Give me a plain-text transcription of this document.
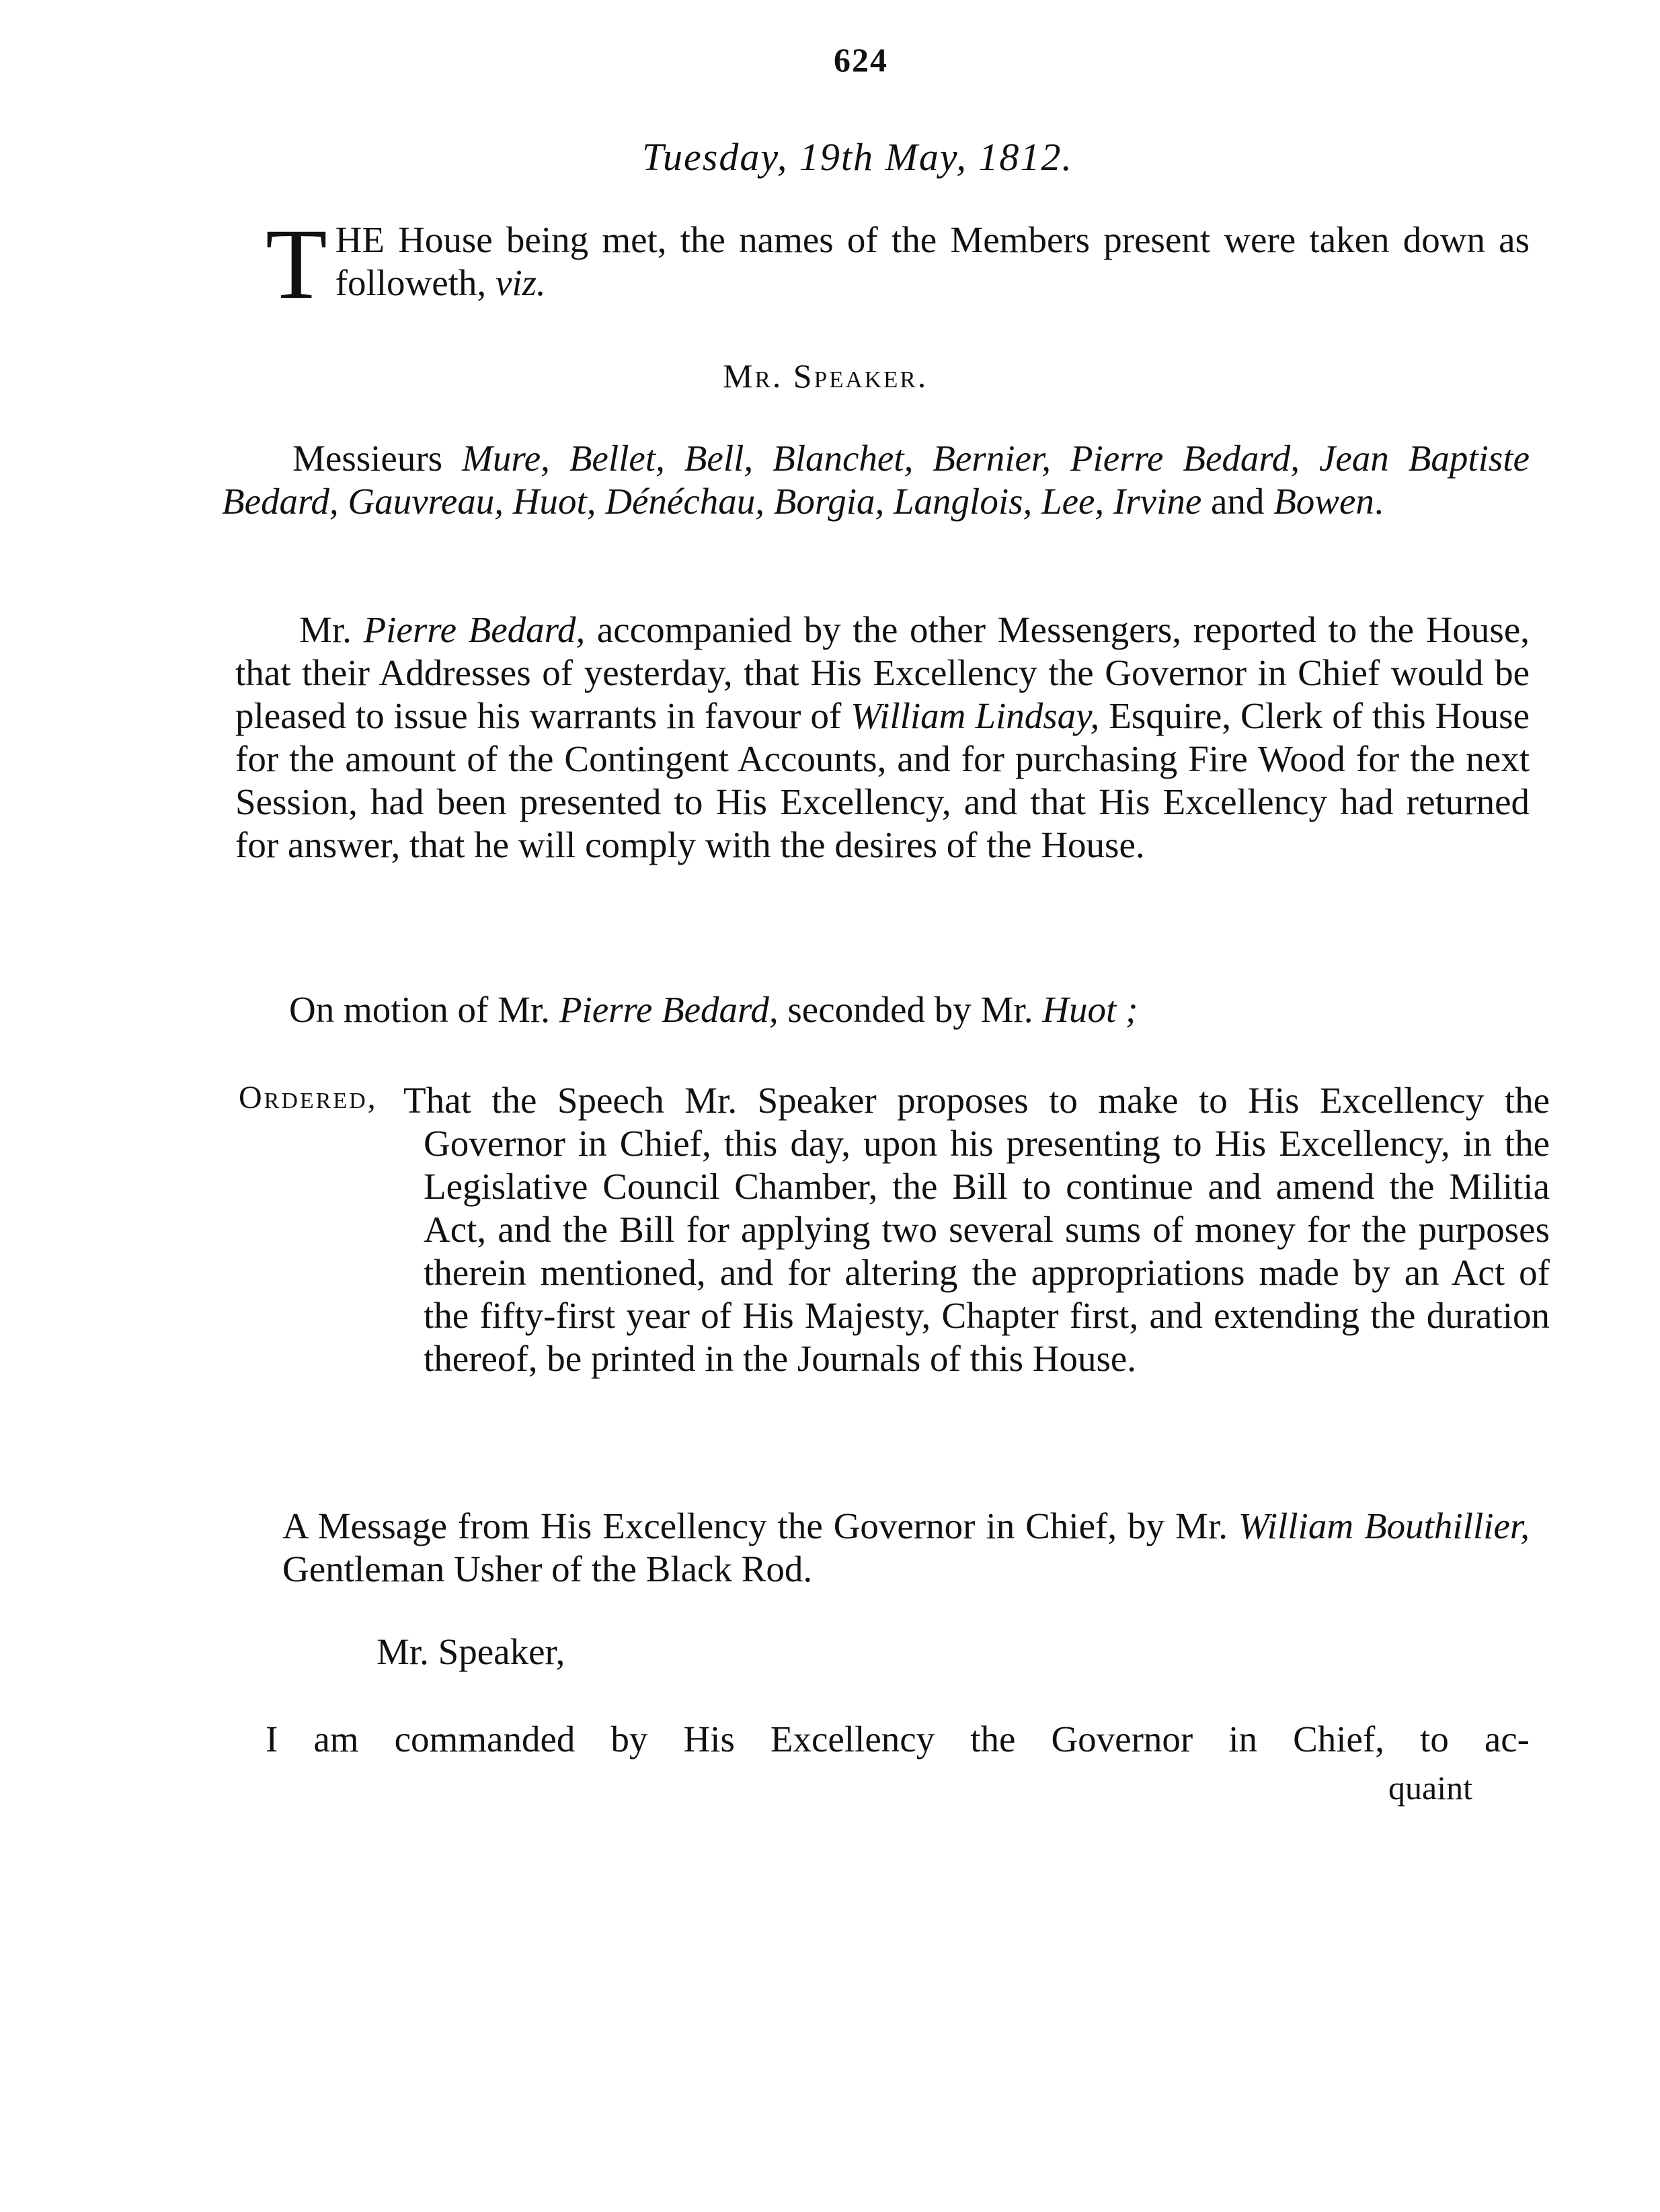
624
Tuesday, 19th May, 1812.
THE House being met, the names of the Members present were taken down as followeth, viz.
Mr. Speaker.

Messieurs Mure, Bellet, Bell, Blanchet, Bernier, Pierre Bedard, Jean Baptiste Bedard, Gauvreau, Huot, Dénéchau, Borgia, Langlois, Lee, Irvine and Bowen.

Mr. Pierre Bedard, accompanied by the other Messengers, reported to the House, that their Addresses of yesterday, that His Excellency the Governor in Chief would be pleased to issue his warrants in favour of William Lindsay, Esquire, Clerk of this House for the amount of the Contingent Accounts, and for purchasing Fire Wood for the next Session, had been presented to His Excellency, and that His Excellency had returned for answer, that he will comply with the desires of the House.

On motion of Mr. Pierre Bedard, seconded by Mr. Huot ;
Ordered, That the Speech Mr. Speaker proposes to make to His Excellency the Governor in Chief, this day, upon his presenting to His Excellency, in the Legislative Council Chamber, the Bill to continue and amend the Militia Act, and the Bill for applying two several sums of money for the purposes therein mentioned, and for altering the appropriations made by an Act of the fifty-first year of His Majesty, Chapter first, and extending the duration thereof, be printed in the Journals of this House.

A Message from His Excellency the Governor in Chief, by Mr. William Bouthillier, Gentleman Usher of the Black Rod.

Mr. Speaker,

I am commanded by His Excellency the Governor in Chief, to ac-

quaint
